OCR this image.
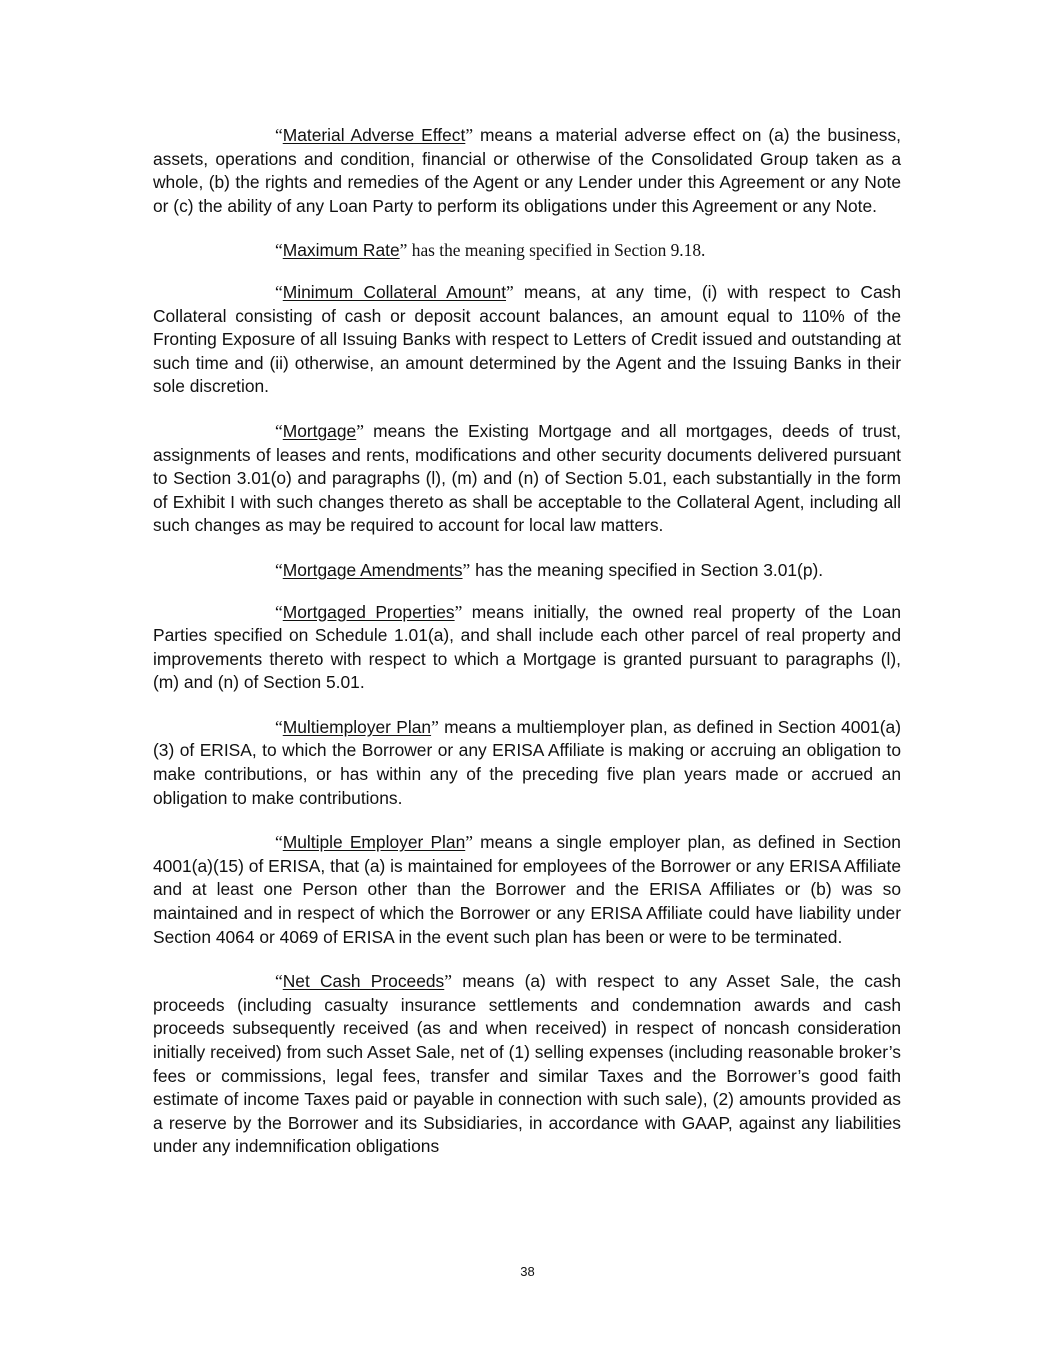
“Material Adverse Effect” means a material adverse effect on (a) the business, assets, operations and condition, financial or otherwise of the Consolidated Group taken as a whole, (b) the rights and remedies of the Agent or any Lender under this Agreement or any Note or (c) the ability of any Loan Party to perform its obligations under this Agreement or any Note.

“Maximum Rate” has the meaning specified in Section 9.18.

“Minimum Collateral Amount” means, at any time, (i) with respect to Cash Collateral consisting of cash or deposit account balances, an amount equal to 110% of the Fronting Exposure of all Issuing Banks with respect to Letters of Credit issued and outstanding at such time and (ii) otherwise, an amount determined by the Agent and the Issuing Banks in their sole discretion.

“Mortgage” means the Existing Mortgage and all mortgages, deeds of trust, assignments of leases and rents, modifications and other security documents delivered pursuant to Section 3.01(o) and paragraphs (l), (m) and (n) of Section 5.01, each substantially in the form of Exhibit I with such changes thereto as shall be acceptable to the Collateral Agent, including all such changes as may be required to account for local law matters.

“Mortgage Amendments” has the meaning specified in Section 3.01(p).

“Mortgaged Properties” means initially, the owned real property of the Loan Parties specified on Schedule 1.01(a), and shall include each other parcel of real property and improvements thereto with respect to which a Mortgage is granted pursuant to paragraphs (l), (m) and (n) of Section 5.01.

“Multiemployer Plan” means a multiemployer plan, as defined in Section 4001(a)(3) of ERISA, to which the Borrower or any ERISA Affiliate is making or accruing an obligation to make contributions, or has within any of the preceding five plan years made or accrued an obligation to make contributions.

“Multiple Employer Plan” means a single employer plan, as defined in Section 4001(a)(15) of ERISA, that (a) is maintained for employees of the Borrower or any ERISA Affiliate and at least one Person other than the Borrower and the ERISA Affiliates or (b) was so maintained and in respect of which the Borrower or any ERISA Affiliate could have liability under Section 4064 or 4069 of ERISA in the event such plan has been or were to be terminated.

“Net Cash Proceeds” means (a) with respect to any Asset Sale, the cash proceeds (including casualty insurance settlements and condemnation awards and cash proceeds subsequently received (as and when received) in respect of noncash consideration initially received) from such Asset Sale, net of (1) selling expenses (including reasonable broker’s fees or commissions, legal fees, transfer and similar Taxes and the Borrower’s good faith estimate of income Taxes paid or payable in connection with such sale), (2) amounts provided as a reserve by the Borrower and its Subsidiaries, in accordance with GAAP, against any liabilities under any indemnification obligations

38
